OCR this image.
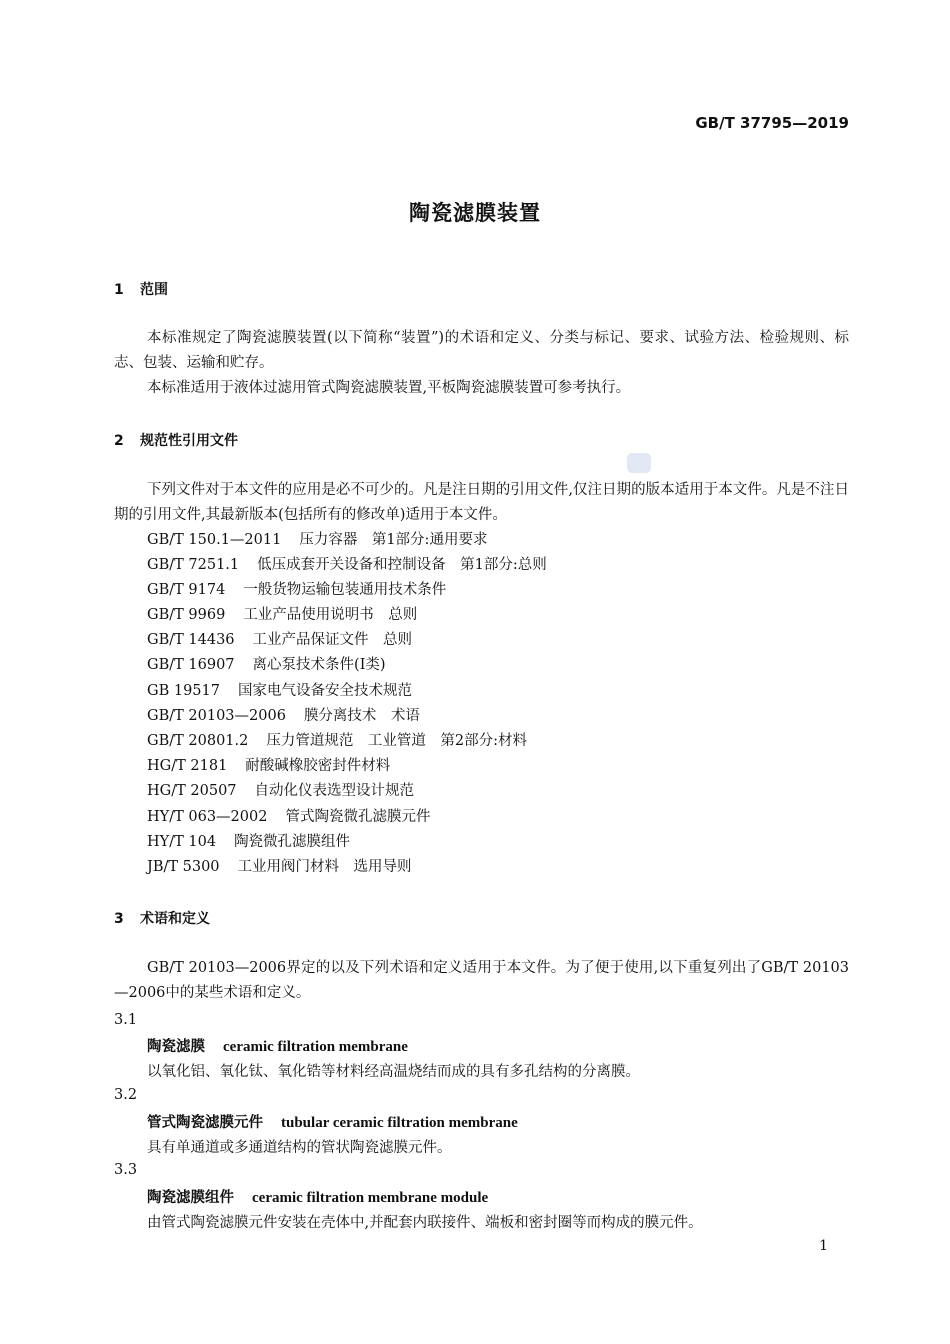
GB/T 37795—2019
陶瓷滤膜装置
1 范围
本标准规定了陶瓷滤膜装置(以下简称“装置”)的术语和定义、分类与标记、要求、试验方法、检验规则、标志、包装、运输和贮存。
本标准适用于液体过滤用管式陶瓷滤膜装置,平板陶瓷滤膜装置可参考执行。
2 规范性引用文件
下列文件对于本文件的应用是必不可少的。凡是注日期的引用文件,仅注日期的版本适用于本文件。凡是不注日期的引用文件,其最新版本(包括所有的修改单)适用于本文件。
GB/T 150.1—2011 压力容器　第1部分:通用要求
GB/T 7251.1 低压成套开关设备和控制设备　第1部分:总则
GB/T 9174 一般货物运输包装通用技术条件
GB/T 9969 工业产品使用说明书　总则
GB/T 14436 工业产品保证文件　总则
GB/T 16907 离心泵技术条件(Ⅰ类)
GB 19517 国家电气设备安全技术规范
GB/T 20103—2006 膜分离技术　术语
GB/T 20801.2 压力管道规范　工业管道　第2部分:材料
HG/T 2181 耐酸碱橡胶密封件材料
HG/T 20507 自动化仪表选型设计规范
HY/T 063—2002 管式陶瓷微孔滤膜元件
HY/T 104 陶瓷微孔滤膜组件
JB/T 5300 工业用阀门材料　选用导则
3 术语和定义
GB/T 20103—2006界定的以及下列术语和定义适用于本文件。为了便于使用,以下重复列出了GB/T 20103—2006中的某些术语和定义。
3.1
陶瓷滤膜 ceramic filtration membrane
以氧化铝、氧化钛、氧化锆等材料经高温烧结而成的具有多孔结构的分离膜。
3.2
管式陶瓷滤膜元件 tubular ceramic filtration membrane
具有单通道或多通道结构的管状陶瓷滤膜元件。
3.3
陶瓷滤膜组件 ceramic filtration membrane module
由管式陶瓷滤膜元件安装在壳体中,并配套内联接件、端板和密封圈等而构成的膜元件。
1
